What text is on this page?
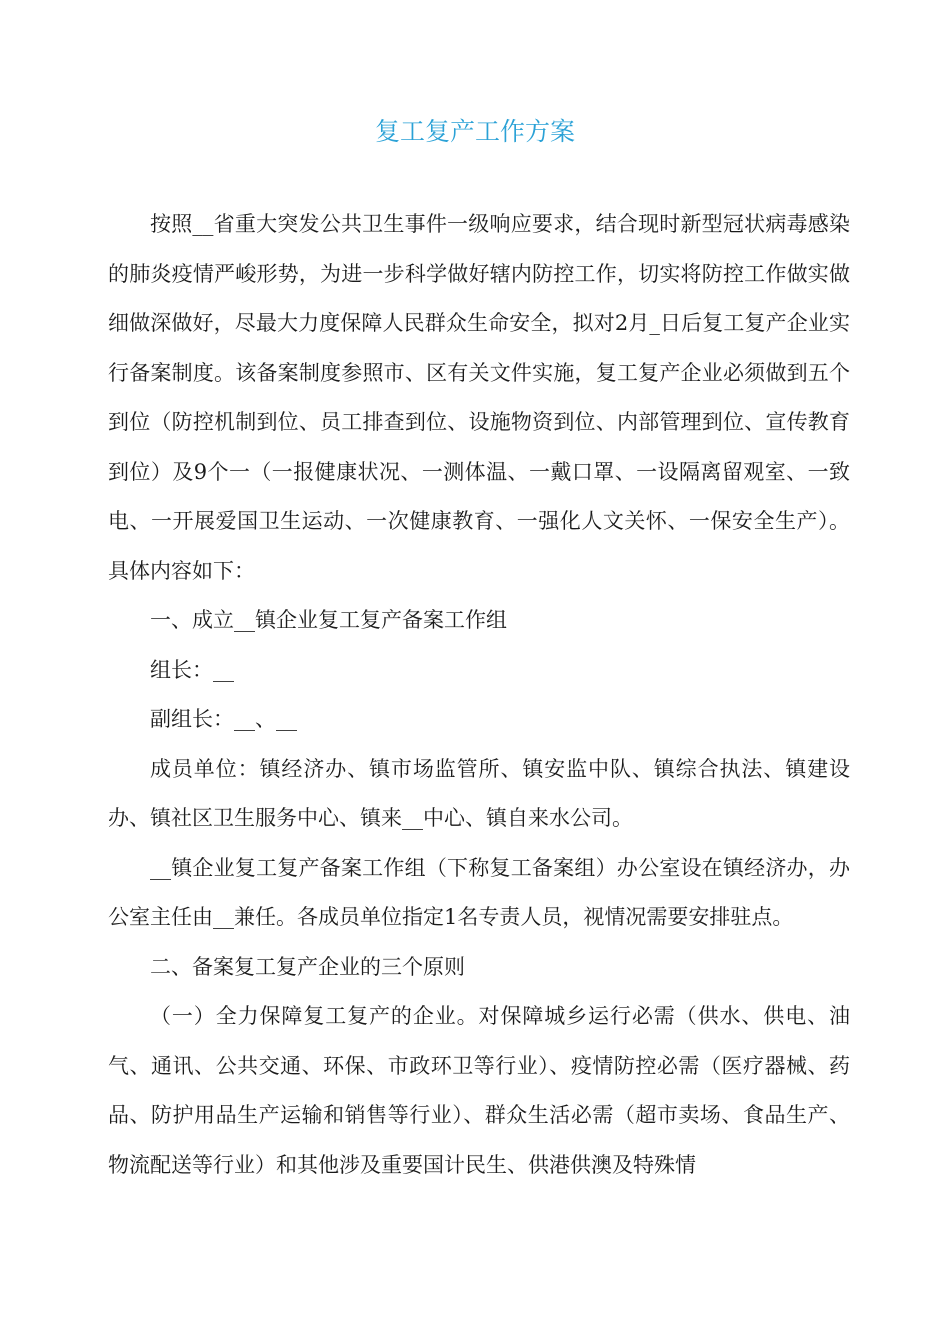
复工复产工作方案

按照__省重大突发公共卫生事件一级响应要求，结合现时新型冠状病毒感染的肺炎疫情严峻形势，为进一步科学做好辖内防控工作，切实将防控工作做实做细做深做好，尽最大力度保障人民群众生命安全，拟对2月_日后复工复产企业实行备案制度。该备案制度参照市、区有关文件实施，复工复产企业必须做到五个到位（防控机制到位、员工排查到位、设施物资到位、内部管理到位、宣传教育到位）及9个一（一报健康状况、一测体温、一戴口罩、一设隔离留观室、一致电、一开展爱国卫生运动、一次健康教育、一强化人文关怀、一保安全生产）。具体内容如下：

一、成立__镇企业复工复产备案工作组

组长：__

副组长：__、__

成员单位：镇经济办、镇市场监管所、镇安监中队、镇综合执法、镇建设办、镇社区卫生服务中心、镇来__中心、镇自来水公司。

__镇企业复工复产备案工作组（下称复工备案组）办公室设在镇经济办，办公室主任由__兼任。各成员单位指定1名专责人员，视情况需要安排驻点。

二、备案复工复产企业的三个原则

（一）全力保障复工复产的企业。对保障城乡运行必需（供水、供电、油气、通讯、公共交通、环保、市政环卫等行业）、疫情防控必需（医疗器械、药品、防护用品生产运输和销售等行业）、群众生活必需（超市卖场、食品生产、物流配送等行业）和其他涉及重要国计民生、供港供澳及特殊情
